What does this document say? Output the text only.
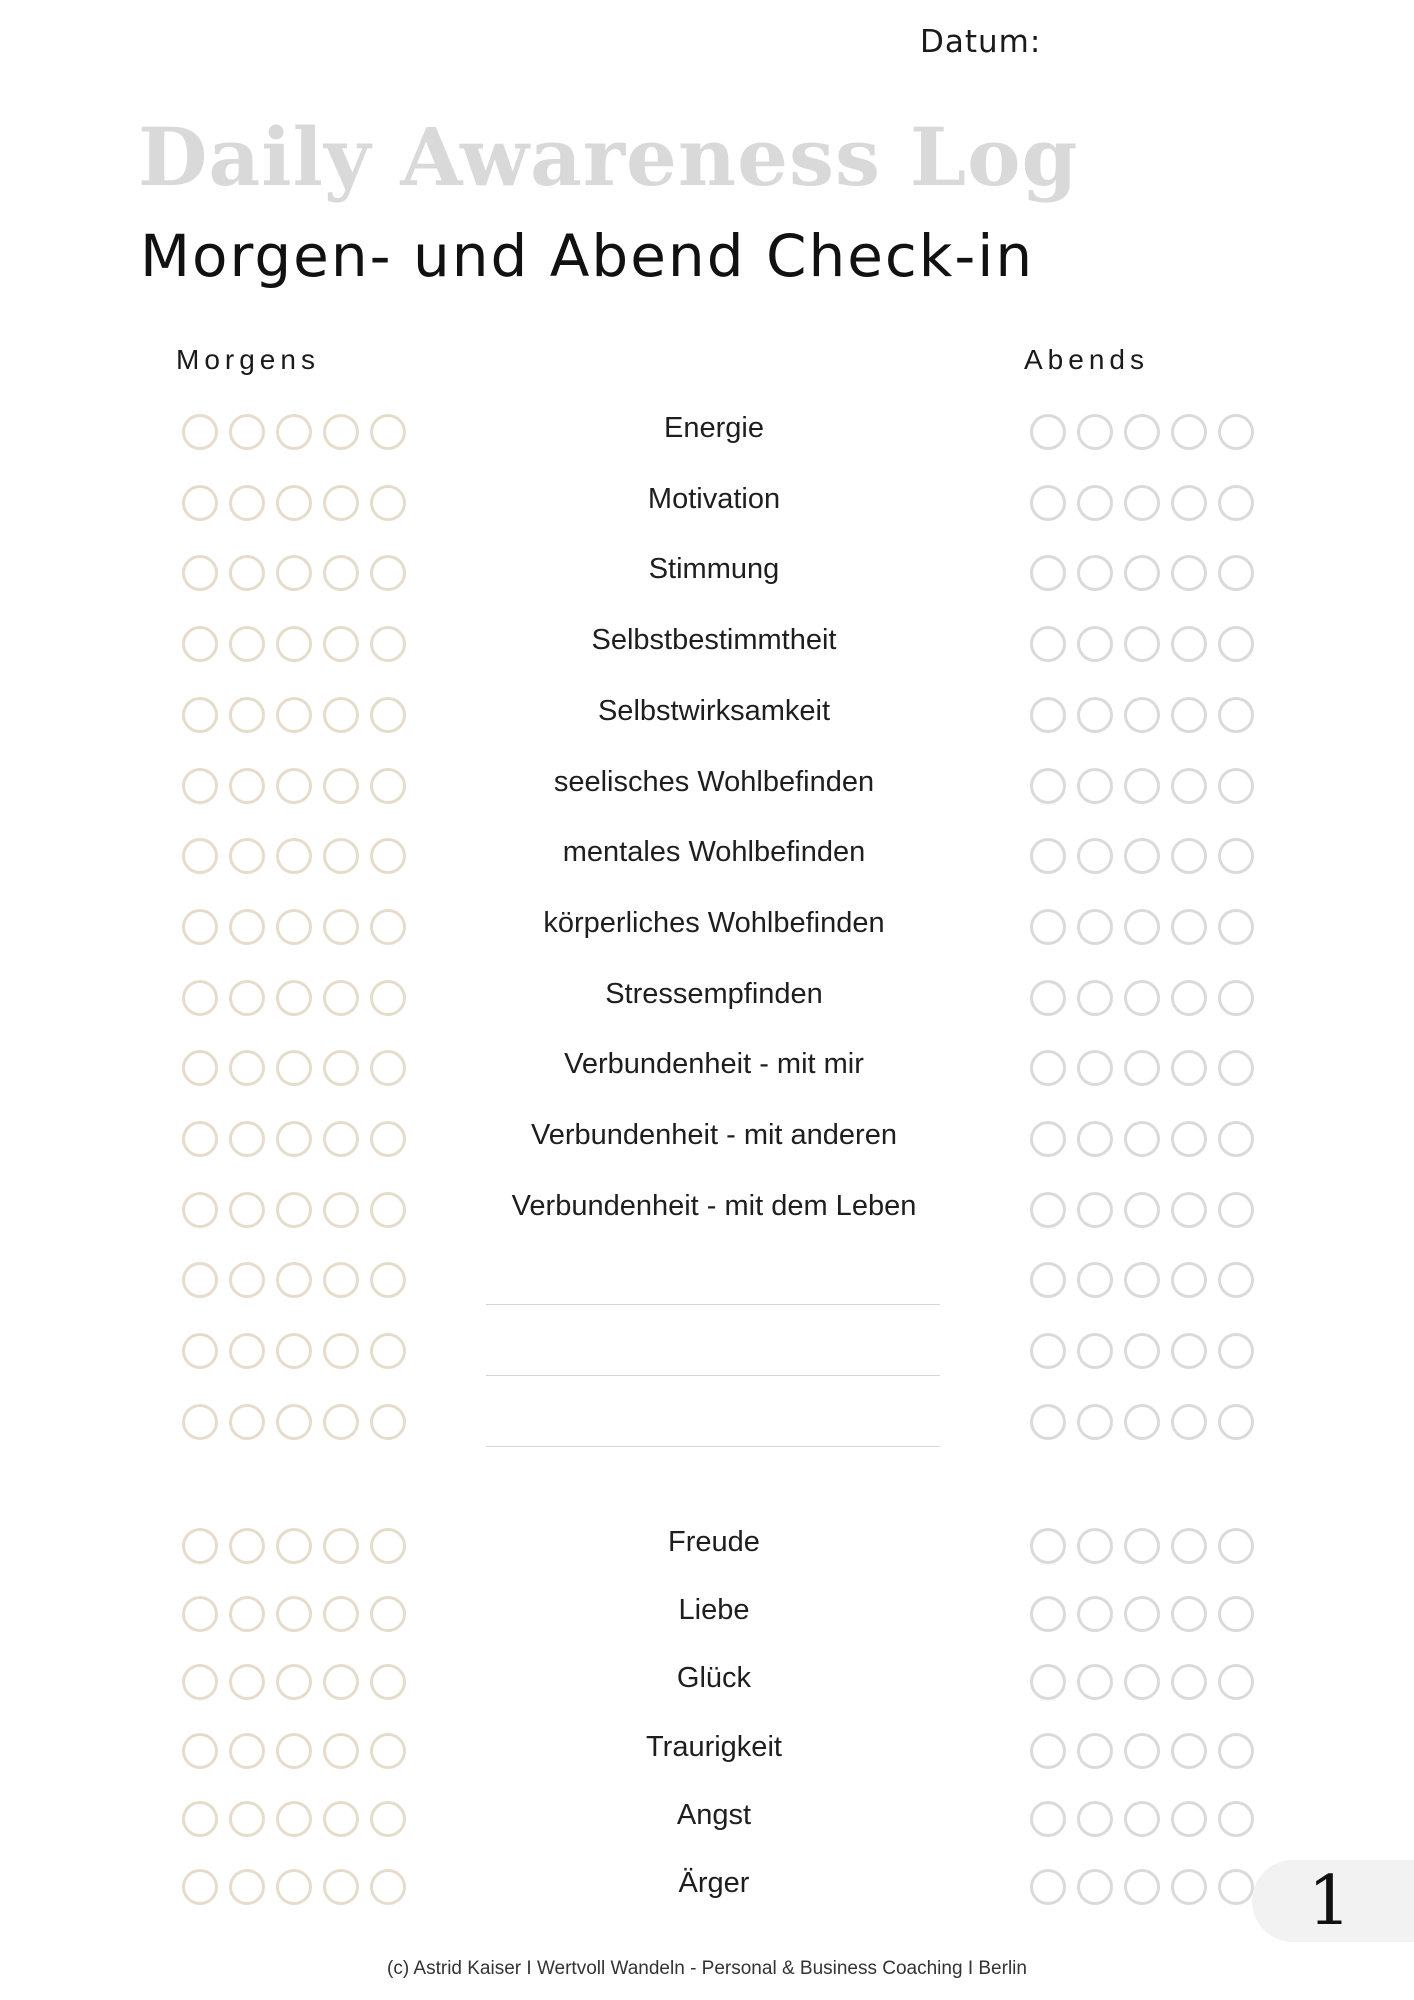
Datum:
Daily Awareness Log
Morgen- und Abend Check-in
Morgens	Abends
Energie
Motivation
Stimmung
Selbstbestimmtheit
Selbstwirksamkeit
seelisches Wohlbefinden
mentales Wohlbefinden
körperliches Wohlbefinden
Stressempfinden
Verbundenheit - mit mir
Verbundenheit - mit anderen
Verbundenheit - mit dem Leben
Freude
Liebe
Glück
Traurigkeit
Angst
Ärger	1
(c) Astrid Kaiser I Wertvoll Wandeln - Personal & Business Coaching I Berlin
